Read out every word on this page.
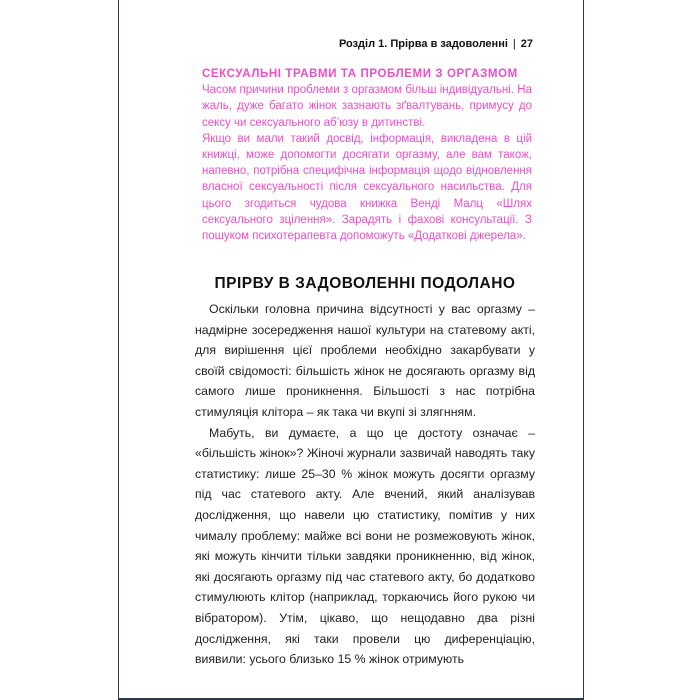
Розділ 1. Прірва в задоволенні | 27
СЕКСУАЛЬНІ ТРАВМИ ТА ПРОБЛЕМИ З ОРГАЗМОМ

Часом причини проблеми з оргазмом більш індивідуальні. На жаль, дуже багато жінок зазнають зґвалтувань, примусу до сексу чи сексуального аб’юзу в дитинстві.

Якщо ви мали такий досвід, інформація, викладена в цій книжці, може допомогти досягати оргазму, але вам також, напевно, потрібна специфічна інформація щодо відновлення власної сексуальності після сексуального насильства. Для цього згодиться чудова книжка Венді Малц «Шлях сексуального зцілення». Зарадять і фахові консультації. З пошуком психотерапевта допоможуть «Додаткові джерела».

ПРІРВУ В ЗАДОВОЛЕННІ ПОДОЛАНО

Оскільки головна причина відсутності у вас оргазму – надмірне зосередження нашої культури на статевому акті, для вирішення цієї проблеми необхідно закарбувати у своїй свідомості: більшість жінок не досягають оргазму від самого лише проникнення. Більшості з нас потрібна стимуляція клітора – як така чи вкупі зі злягнням.

Мабуть, ви думаєте, а що це достоту означає – «більшість жінок»? Жіночі журнали зазвичай наводять таку статистику: лише 25–30 % жінок можуть досягти оргазму під час статевого акту. Але вчений, який аналізував дослідження, що навели цю статистику, помітив у них чималу проблему: майже всі вони не розмежовують жінок, які можуть кінчити тільки завдяки проникненню, від жінок, які досягають оргазму під час статевого акту, бо додатково стимулюють клітор (наприклад, торкаючись його рукою чи вібратором). Утім, цікаво, що нещодавно два різні дослідження, які таки провели цю диференціацію, виявили: усього близько 15 % жінок отримують
